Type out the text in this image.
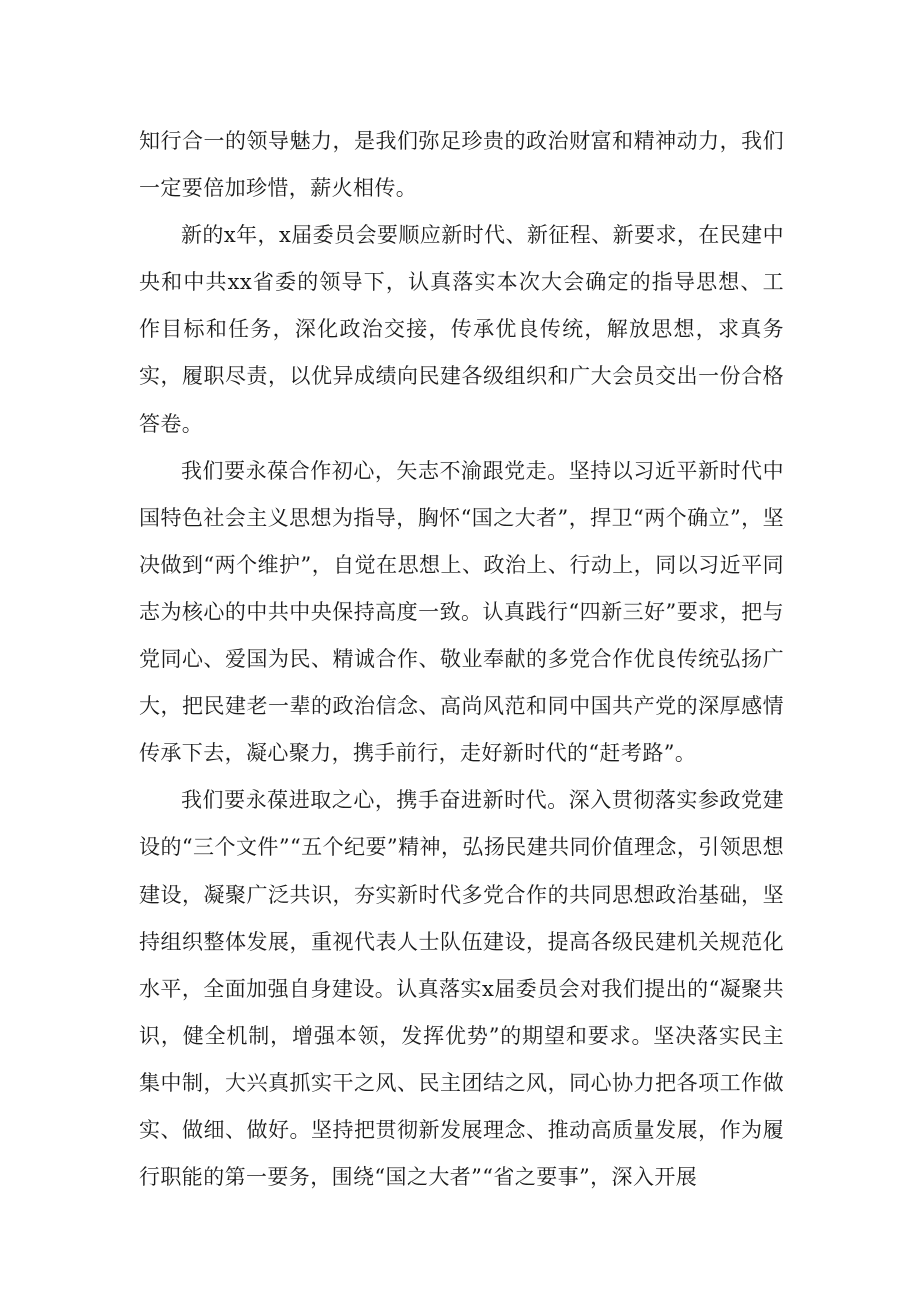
知行合一的领导魅力，是我们弥足珍贵的政治财富和精神动力，我们一定要倍加珍惜，薪火相传。

新的x年，x届委员会要顺应新时代、新征程、新要求，在民建中央和中共xx省委的领导下，认真落实本次大会确定的指导思想、工作目标和任务，深化政治交接，传承优良传统，解放思想，求真务实，履职尽责，以优异成绩向民建各级组织和广大会员交出一份合格答卷。

我们要永葆合作初心，矢志不渝跟党走。坚持以习近平新时代中国特色社会主义思想为指导，胸怀“国之大者”，捍卫“两个确立”，坚决做到“两个维护”，自觉在思想上、政治上、行动上，同以习近平同志为核心的中共中央保持高度一致。认真践行“四新三好”要求，把与党同心、爱国为民、精诚合作、敬业奉献的多党合作优良传统弘扬广大，把民建老一辈的政治信念、高尚风范和同中国共产党的深厚感情传承下去，凝心聚力，携手前行，走好新时代的“赶考路”。

我们要永葆进取之心，携手奋进新时代。深入贯彻落实参政党建设的“三个文件”“五个纪要”精神，弘扬民建共同价值理念，引领思想建设，凝聚广泛共识，夯实新时代多党合作的共同思想政治基础，坚持组织整体发展，重视代表人士队伍建设，提高各级民建机关规范化水平，全面加强自身建设。认真落实x届委员会对我们提出的“凝聚共识，健全机制，增强本领，发挥优势”的期望和要求。坚决落实民主集中制，大兴真抓实干之风、民主团结之风，同心协力把各项工作做实、做细、做好。坚持把贯彻新发展理念、推动高质量发展，作为履行职能的第一要务，围绕“国之大者”“省之要事”，深入开展
